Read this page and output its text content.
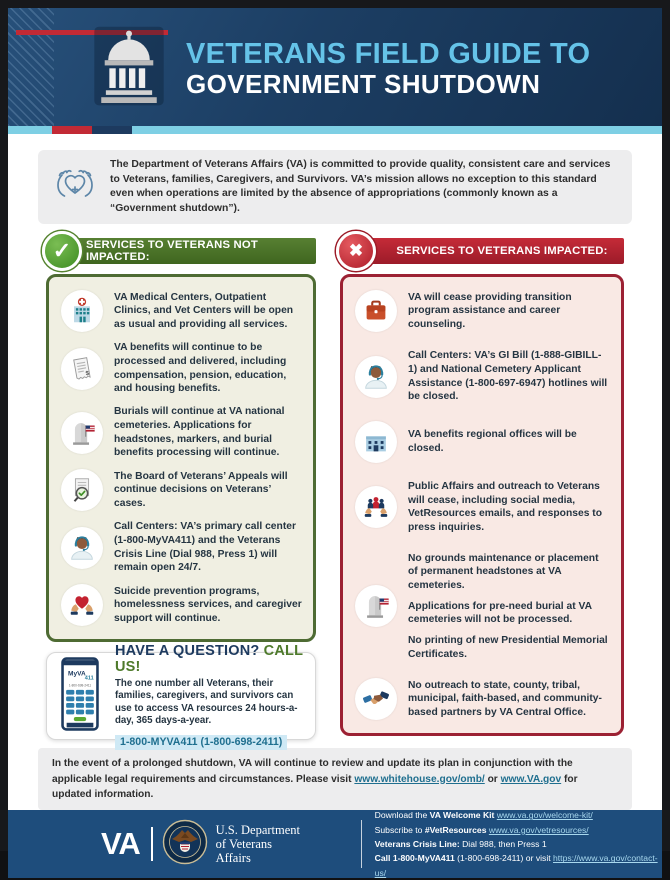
VETERANS FIELD GUIDE TO
GOVERNMENT SHUTDOWN

The Department of Veterans Affairs (VA) is committed to provide quality, consistent care and services to Veterans, families, Caregivers, and Survivors. VA’s mission allows no exception to this standard even when operations are limited by the absence of appropriations (commonly known as a “Government shutdown”).

✓	SERVICES TO VETERANS NOT IMPACTED:

VA Medical Centers, Outpatient Clinics, and Vet Centers will be open as usual and providing all services.

$

VA benefits will continue to be processed and delivered, including compensation, pension, education, and housing benefits.

Burials will continue at VA national cemeteries. Applications for headstones, markers, and burial benefits processing will continue.

The Board of Veterans’ Appeals will continue decisions on Veterans’ cases.

Call Centers: VA’s primary call center (1-800-MyVA411) and the Veterans Crisis Line (Dial 988, Press 1) will remain open 24/7.

Suicide prevention programs, homelessness services, and caregiver support will continue.

MyVA
411
1-800-698-2411
HAVE A QUESTION? CALL US!

The one number all Veterans, their families, caregivers, and survivors can use to access VA resources 24 hours-a-day, 365 days-a-year.

1-800-MYVA411 (1-800-698-2411)
✖	SERVICES TO VETERANS IMPACTED:

VA will cease providing transition program assistance and career counseling.

Call Centers: VA’s GI Bill (1-888-GIBILL-1) and National Cemetery Applicant Assistance (1-800-697-6947) hotlines will be closed.

VA benefits regional offices will be closed.

Public Affairs and outreach to Veterans will cease, including social media, VetResources emails, and responses to press inquiries.

No grounds maintenance or placement of permanent headstones at VA cemeteries.

Applications for pre-need burial at VA cemeteries will not be processed.

No printing of new Presidential Memorial Certificates.

No outreach to state, county, tribal, municipal, faith-based, and community-based partners by VA Central Office.

In the event of a prolonged shutdown, VA will continue to review and update its plan in conjunction with the applicable legal requirements and circumstances. Please visit www.whitehouse.gov/omb/ or www.VA.gov for updated information.
VA	U.S. Department
of Veterans Affairs
Download the VA Welcome Kit www.va.gov/welcome-kit/
Subscribe to #VetResources www.va.gov/vetresources/
Veterans Crisis Line: Dial 988, then Press 1
Call 1-800-MyVA411 (1-800-698-2411) or visit https://www.va.gov/contact-us/
